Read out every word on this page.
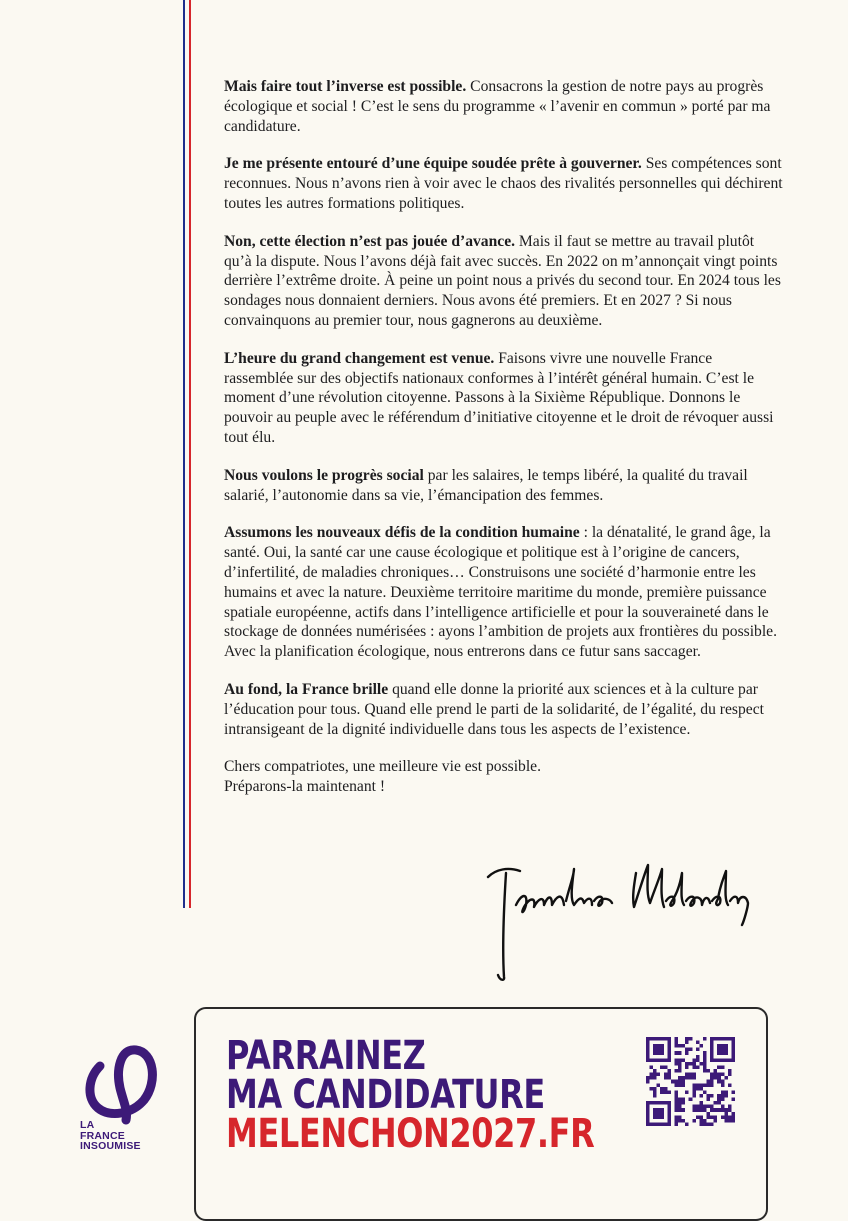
Mais faire tout l’inverse est possible. Consacrons la gestion de notre pays au progrès écologique et social ! C’est le sens du programme « l’avenir en commun » porté par ma candidature.

Je me présente entouré d’une équipe soudée prête à gouverner. Ses compétences sont reconnues. Nous n’avons rien à voir avec le chaos des rivalités personnelles qui déchirent toutes les autres formations politiques.

Non, cette élection n’est pas jouée d’avance. Mais il faut se mettre au travail plutôt qu’à la dispute. Nous l’avons déjà fait avec succès. En 2022 on m’annonçait vingt points derrière l’extrême droite. À peine un point nous a privés du second tour. En 2024 tous les sondages nous donnaient derniers. Nous avons été premiers. Et en 2027 ? Si nous convainquons au premier tour, nous gagnerons au deuxième.

L’heure du grand changement est venue. Faisons vivre une nouvelle France rassemblée sur des objectifs nationaux conformes à l’intérêt général humain. C’est le moment d’une révolution citoyenne. Passons à la Sixième République. Donnons le pouvoir au peuple avec le référendum d’initiative citoyenne et le droit de révoquer aussi tout élu.

Nous voulons le progrès social par les salaires, le temps libéré, la qualité du travail salarié, l’autonomie dans sa vie, l’émancipation des femmes.

Assumons les nouveaux défis de la condition humaine : la dénatalité, le grand âge, la santé. Oui, la santé car une cause écologique et politique est à l’origine de cancers, d’infertilité, de maladies chroniques… Construisons une société d’harmonie entre les humains et avec la nature. Deuxième territoire maritime du monde, première puissance spatiale européenne, actifs dans l’intelligence artificielle et pour la souveraineté dans le stockage de données numérisées : ayons l’ambition de projets aux frontières du possible. Avec la planification écologique, nous entrerons dans ce futur sans saccager.

Au fond, la France brille quand elle donne la priorité aux sciences et à la culture par l’éducation pour tous. Quand elle prend le parti de la solidarité, de l’égalité, du respect intransigeant de la dignité individuelle dans tous les aspects de l’existence.

Chers compatriotes, une meilleure vie est possible.
Préparons-la maintenant !

LA
FRANCE
INSOUMISE
PARRAINEZ
MA CANDIDATURE
MELENCHON2027.FR
